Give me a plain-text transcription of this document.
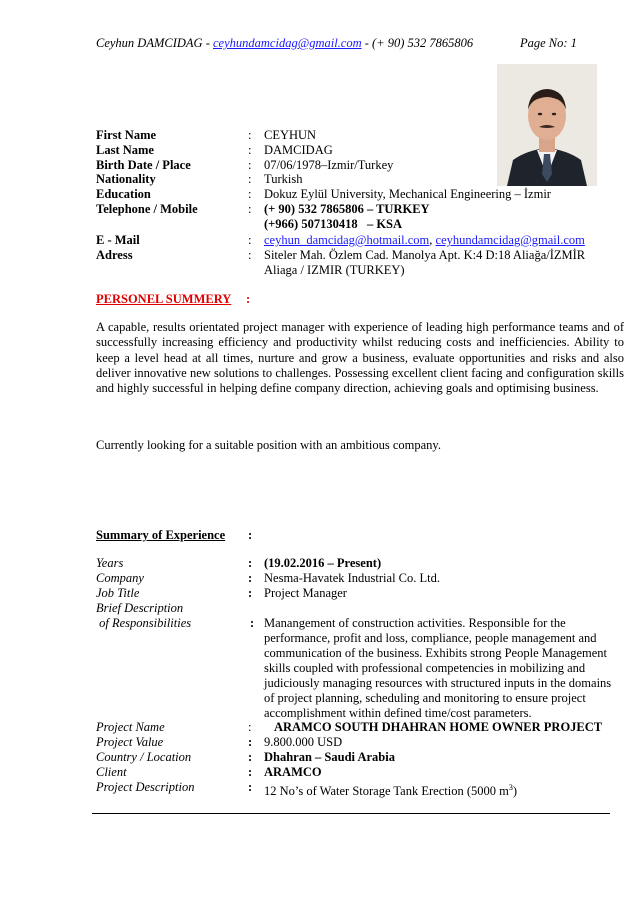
Ceyhun DAMCIDAG - ceyhundamcidag@gmail.com - (+ 90) 532 7865806	Page No: 1
First Name	: CEYHUN
Last Name	: DAMCIDAG
Birth Date / Place	: 07/06/1978–Izmir/Turkey
Nationality	: Turkish
Education	: Dokuz Eylül University, Mechanical Engineering – İzmir
Telephone / Mobile	: (+ 90) 532 7865806 – TURKEY
(+966) 507130418   – KSA
E - Mail	: ceyhun_damcidag@hotmail.com, ceyhundamcidag@gmail.com
Adress	: Siteler Mah. Özlem Cad. Manolya Apt. K:4 D:18 Aliağa/İZMİR
Aliaga / IZMIR (TURKEY)
PERSONEL SUMMERY :
A capable, results orientated project manager with experience of leading high performance teams and of successfully increasing efficiency and productivity whilst reducing costs and inefficiencies. Ability to keep a level head at all times, nurture and grow a business, evaluate opportunities and risks and also deliver innovative new solutions to challenges. Possessing excellent client facing and configuration skills and highly successful in helping define company direction, achieving goals and optimising business.
Currently looking for a suitable position with an ambitious company.
Summary of Experience :
Years	: (19.02.2016 – Present)
Company	: Nesma-Havatek Industrial Co. Ltd.
Job Title	: Project Manager
Brief Description
of Responsibilities	: Manangement of construction activities. Responsible for the performance, profit and loss, compliance, people management and communication of the business. Exhibits strong People Management skills coupled with professional competencies in mobilizing and judiciously managing resources with structured inputs in the domains of project planning, scheduling and monitoring to ensure project accomplishment within defined time/cost parameters.
Project Name	: ARAMCO SOUTH DHAHRAN HOME OWNER PROJECT
Project Value	: 9.800.000 USD
Country / Location	: Dhahran – Saudi Arabia
Client	: ARAMCO
Project Description	: 12 No’s of Water Storage Tank Erection (5000 $m^3$)
